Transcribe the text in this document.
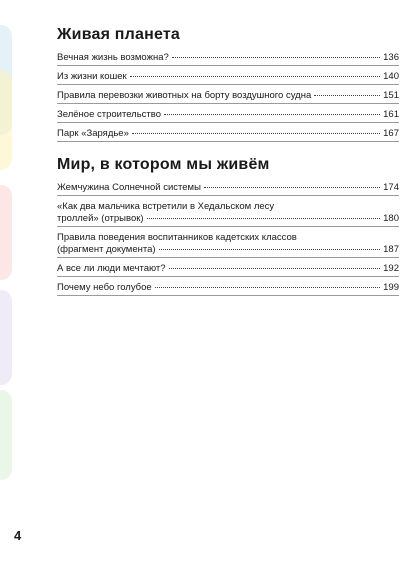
Живая планета
Вечная жизнь возможна?	136
Из жизни кошек	140
Правила перевозки животных на борту воздушного судна	151
Зелёное строительство	161
Парк «Зарядье»	167
Мир, в котором мы живём
Жемчужина Солнечной системы	174
«Как два мальчика встретили в Хедальском лесу
троллей» (отрывок)	180
Правила поведения воспитанников кадетских классов
(фрагмент документа)	187
А все ли люди мечтают?	192
Почему небо голубое	199
4
